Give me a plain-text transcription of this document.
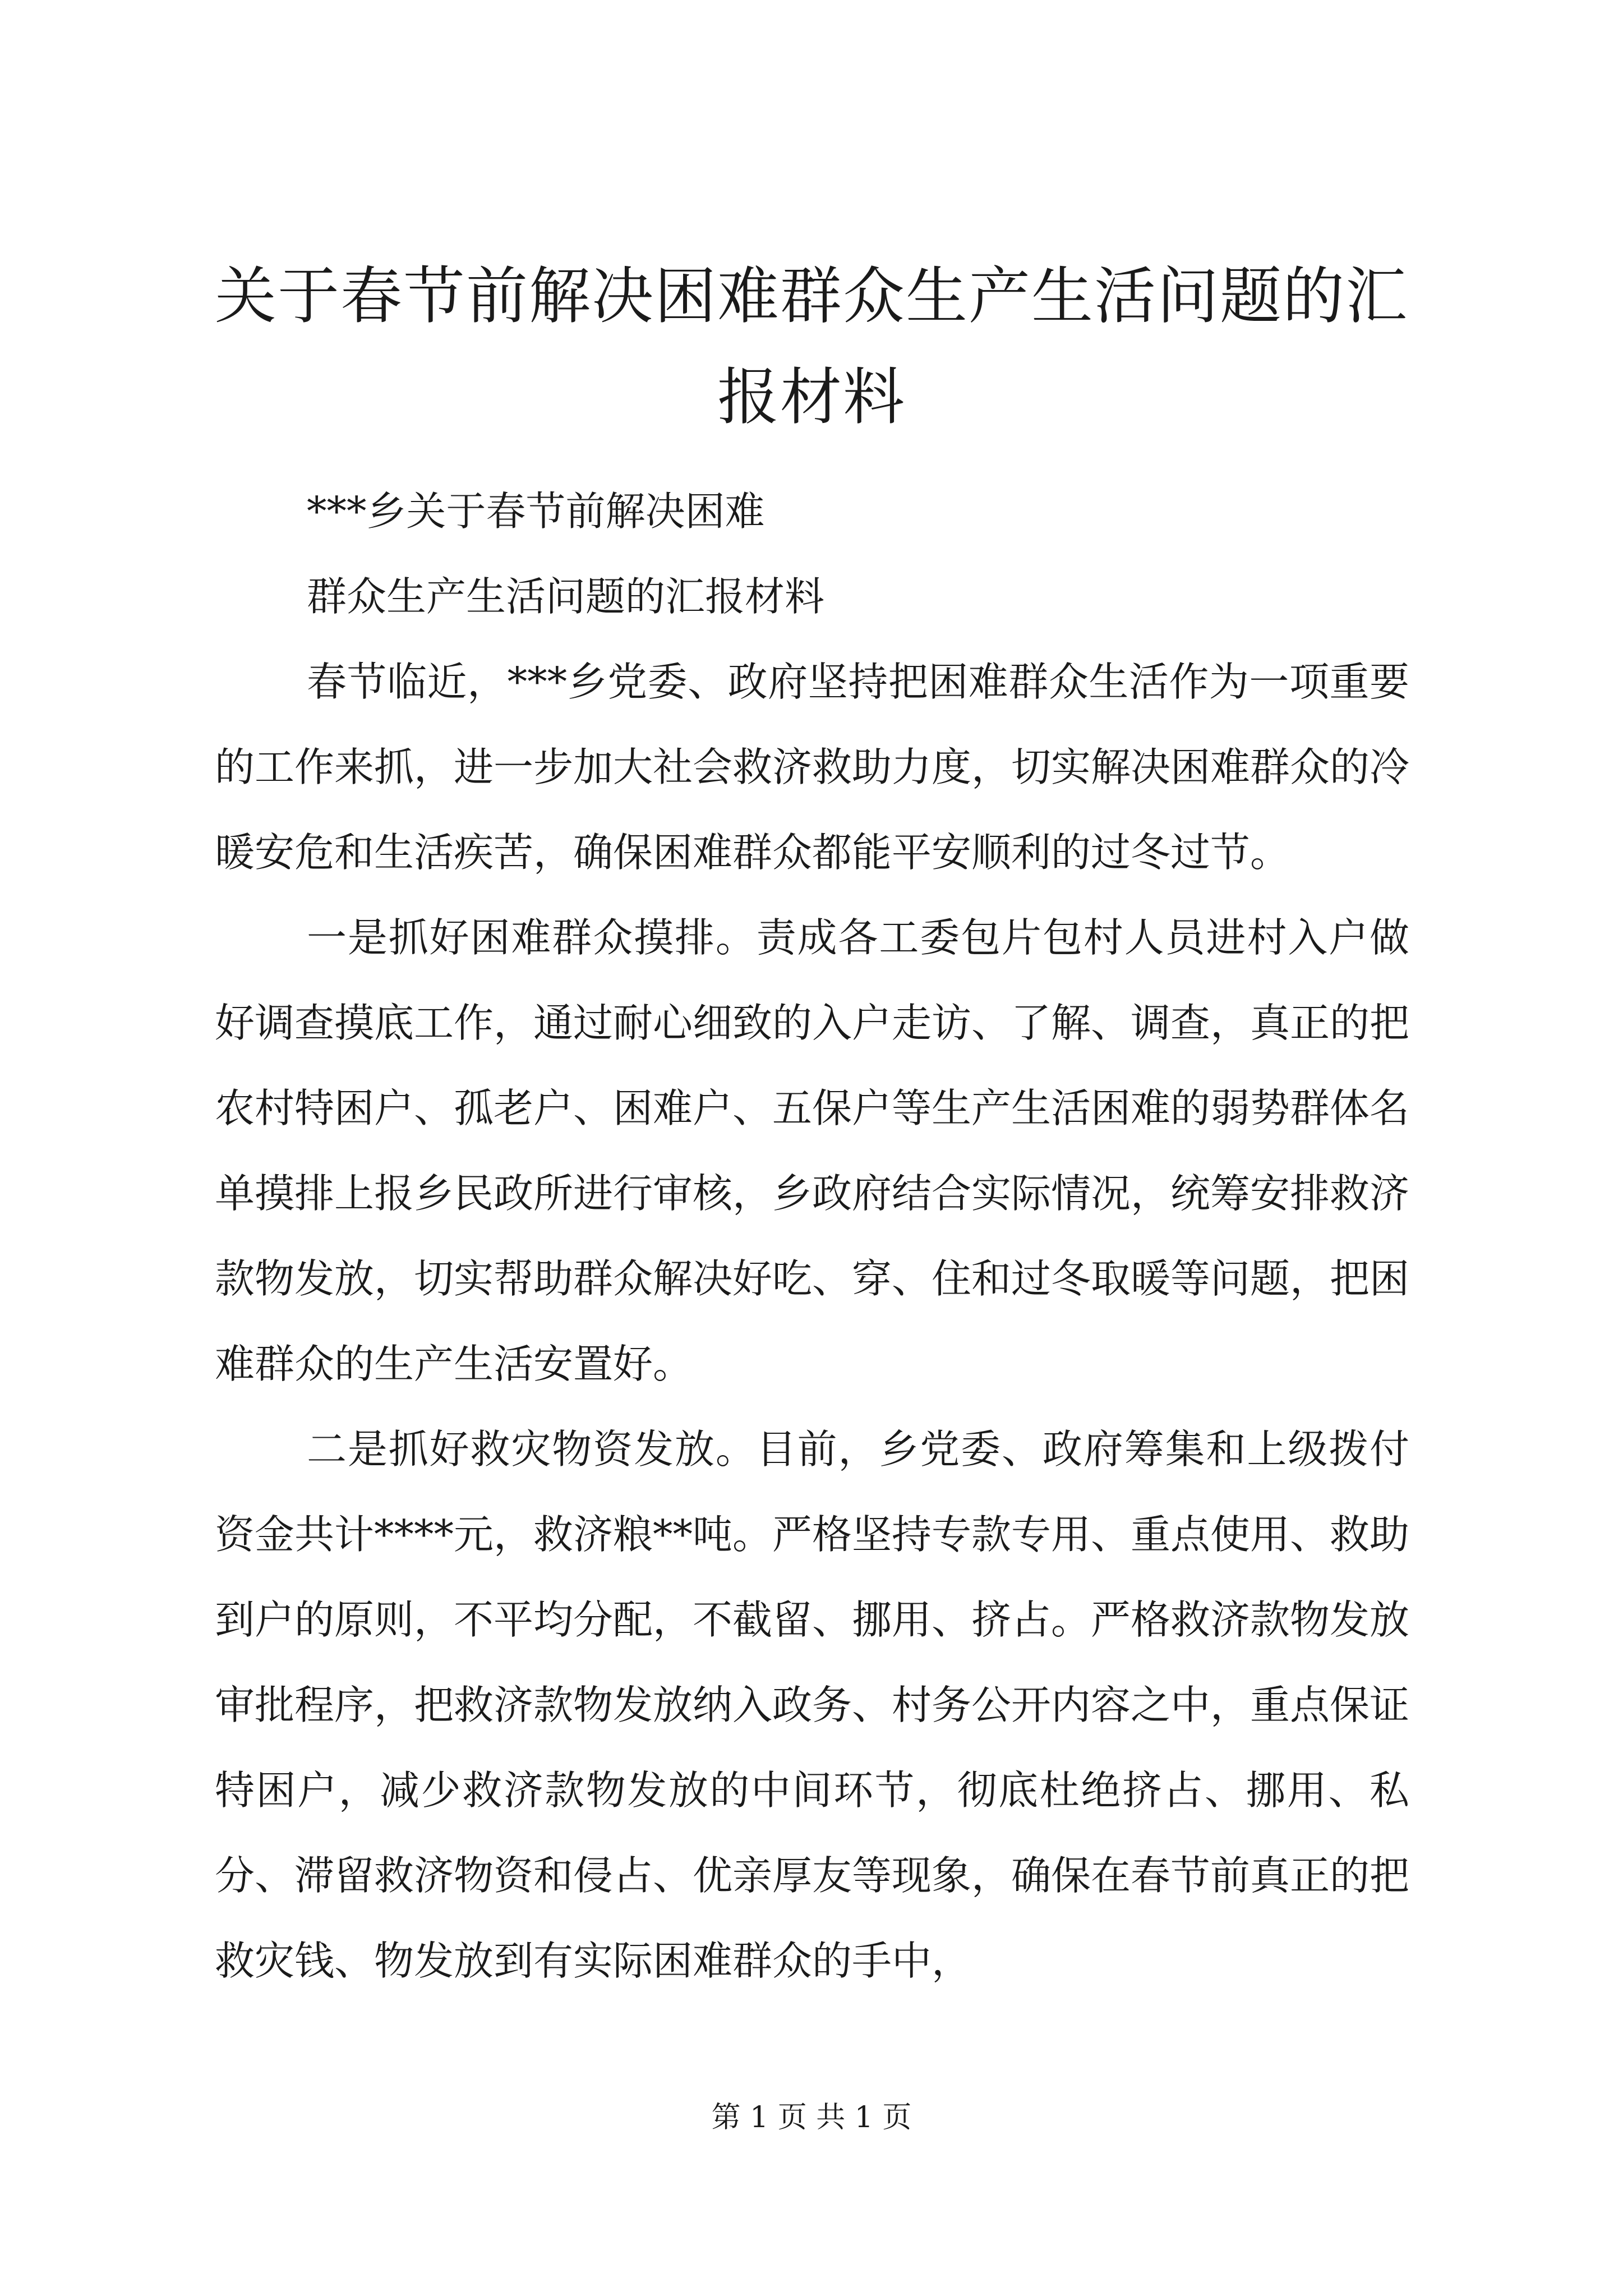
关于春节前解决困难群众生产生活问题的汇报材料

***乡关于春节前解决困难

群众生产生活问题的汇报材料

春节临近，***乡党委、政府坚持把困难群众生活作为一项重要的工作来抓，进一步加大社会救济救助力度，切实解决困难群众的冷暖安危和生活疾苦，确保困难群众都能平安顺利的过冬过节。

一是抓好困难群众摸排。责成各工委包片包村人员进村入户做好调查摸底工作，通过耐心细致的入户走访、了解、调查，真正的把农村特困户、孤老户、困难户、五保户等生产生活困难的弱势群体名单摸排上报乡民政所进行审核，乡政府结合实际情况，统筹安排救济款物发放，切实帮助群众解决好吃、穿、住和过冬取暖等问题，把困难群众的生产生活安置好。

二是抓好救灾物资发放。目前，乡党委、政府筹集和上级拨付资金共计****元，救济粮**吨。严格坚持专款专用、重点使用、救助到户的原则，不平均分配，不截留、挪用、挤占。严格救济款物发放审批程序，把救济款物发放纳入政务、村务公开内容之中，重点保证特困户，减少救济款物发放的中间环节，彻底杜绝挤占、挪用、私分、滞留救济物资和侵占、优亲厚友等现象，确保在春节前真正的把救灾钱、物发放到有实际困难群众的手中，

第 1 页 共 1 页
